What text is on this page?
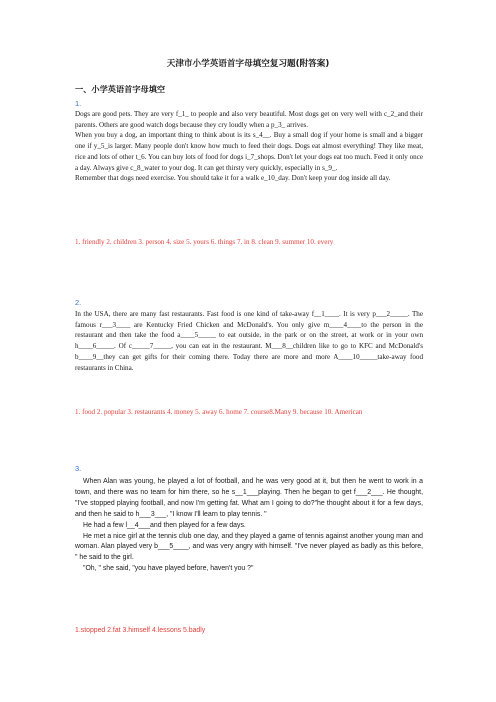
天津市小学英语首字母填空复习题(附答案)
一、小学英语首字母填空
1.

Dogs are good pets. They are very f_1_ to people and also very beautiful. Most dogs get on very well with c_2_and their parents. Others are good watch dogs because they cry loudly when a p_3_ arrives.

When you buy a dog, an important thing to think about is its s_4__. Buy a small dog if your home is small and a bigger one if y_5_is larger. Many people don't know how much to feed their dogs. Dogs eat almost everything! They like meat, rice and lots of other t_6. You can buy lots of food for dogs i_7_shops. Don't let your dogs eat too much. Feed it only once a day. Always give c_8_water to your dog. It can get thirsty very quickly, especially in s_9_.

Remember that dogs need exercise. You should take it for a walk e_10_day. Don't keep your dog inside all day.

1. friendly 2. children 3. person 4. size 5. yours 6. things 7. in 8. clean 9. summer 10. every
2.

In the USA, there are many fast restaurants. Fast food is one kind of take-away f__1____. It is very p___2_____. The famous r___3____ are Kentucky Fried Chicken and McDonald's. You only give m____4____to the person in the restaurant and then take the food a____5_____ to eat outside, in the park or on the street, at work or in your own h____6_____. Of c_____7_____, you can eat in the restaurant. M___8__children like to go to KFC and McDonald's b____9__they can get gifts for their coming there. Today there are more and more A____10_____take-away food restaurants in China.

1. food 2. popular 3. restaurants 4. money 5. away 6. home 7. course8.Many 9. because 10. American
3.

When Alan was young, he played a lot of football, and he was very good at it, but then he went to work in a town, and there was no team for him there, so he s__1___playing. Then he began to get f___2___. He thought, "I've stopped playing football, and now I'm getting fat. What am I going to do?"he thought about it for a few days, and then he said to h___3___, "I know I'll learn to play tennis. "

He had a few l__4___and then played for a few days.

He met a nice girl at the tennis club one day, and they played a game of tennis against another young man and woman. Alan played very b___5____, and was very angry with himself. "I've never played as badly as this before, " he said to the girl.

"Oh, " she said, "you have played before, haven't you ?"

1.stopped 2.fat 3.himself 4.lessons 5.badly
